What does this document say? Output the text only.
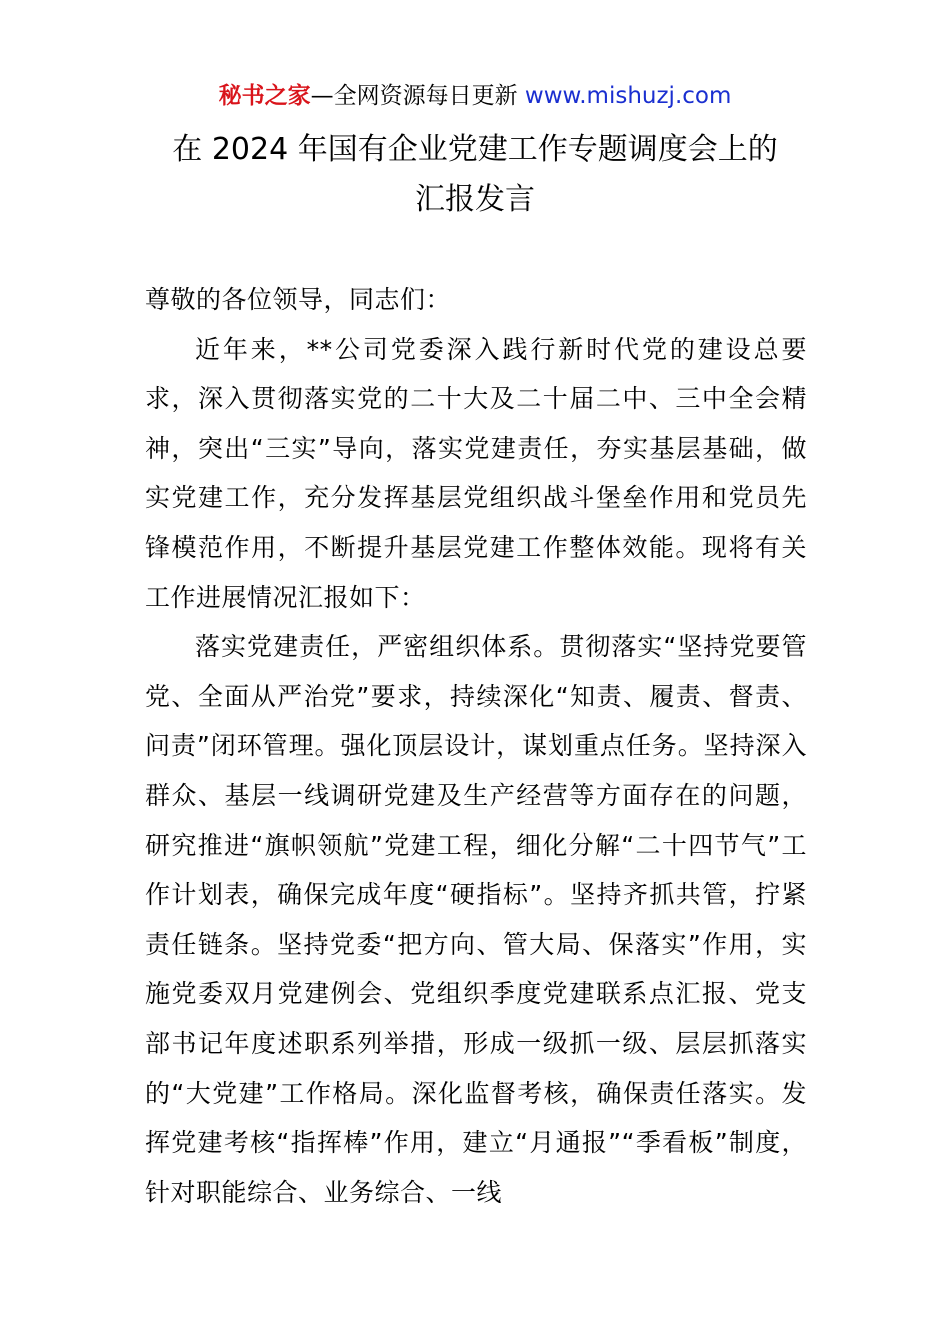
秘书之家—全网资源每日更新 www.mishuzj.com
在 2024 年国有企业党建工作专题调度会上的
汇报发言

尊敬的各位领导，同志们：

近年来，**公司党委深入践行新时代党的建设总要求，深入贯彻落实党的二十大及二十届二中、三中全会精神，突出“三实”导向，落实党建责任，夯实基层基础，做实党建工作，充分发挥基层党组织战斗堡垒作用和党员先锋模范作用，不断提升基层党建工作整体效能。现将有关工作进展情况汇报如下：

落实党建责任，严密组织体系。贯彻落实“坚持党要管党、全面从严治党”要求，持续深化“知责、履责、督责、问责”闭环管理。强化顶层设计，谋划重点任务。坚持深入群众、基层一线调研党建及生产经营等方面存在的问题，研究推进“旗帜领航”党建工程，细化分解“二十四节气”工作计划表，确保完成年度“硬指标”。坚持齐抓共管，拧紧责任链条。坚持党委“把方向、管大局、保落实”作用，实施党委双月党建例会、党组织季度党建联系点汇报、党支部书记年度述职系列举措，形成一级抓一级、层层抓落实的“大党建”工作格局。深化监督考核，确保责任落实。发挥党建考核“指挥棒”作用，建立“月通报”“季看板”制度，针对职能综合、业务综合、一线
